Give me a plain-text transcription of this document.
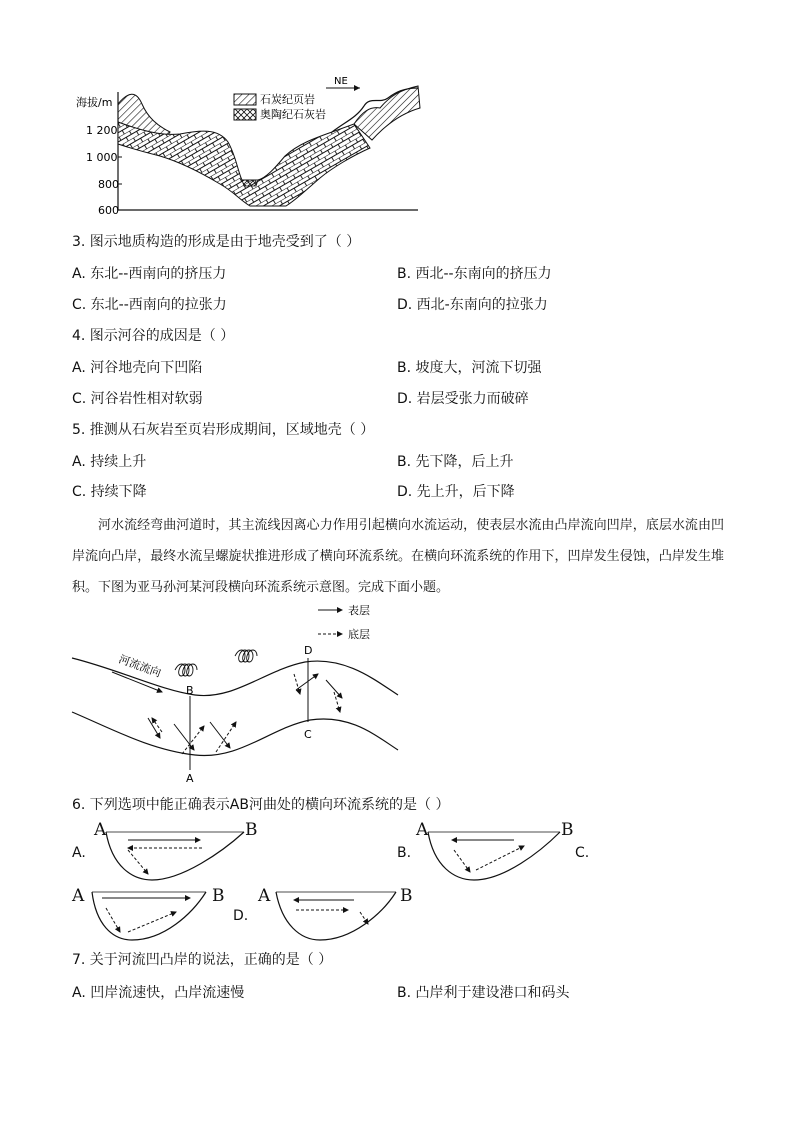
海拔/m
1 200
1 000
800
600
石炭纪页岩
奥陶纪石灰岩
NE
3. 图示地质构造的形成是由于地壳受到了（ ）
A. 东北--西南向的挤压力	B. 西北--东南向的挤压力
C. 东北--西南向的拉张力	D. 西北-东南向的拉张力
4. 图示河谷的成因是（ ）
A. 河谷地壳向下凹陷	B. 坡度大，河流下切强
C. 河谷岩性相对软弱	D. 岩层受张力而破碎
5. 推测从石灰岩至页岩形成期间，区域地壳（ ）
A. 持续上升	B. 先下降，后上升
C. 持续下降	D. 先上升，后下降

河水流经弯曲河道时，其主流线因离心力作用引起横向水流运动，使表层水流由凸岸流向凹岸，底层水流由凹岸流向凸岸，最终水流呈螺旋状推进形成了横向环流系统。在横向环流系统的作用下，凹岸发生侵蚀，凸岸发生堆积。下图为亚马孙河某河段横向环流系统示意图。完成下面小题。

表层
底层
河流流向
B
A
D
C
6. 下列选项中能正确表示AB河曲处的横向环流系统的是（ ）
A.
A	B
B.
A	B
C.
A	B
D.
A	B
7. 关于河流凹凸岸的说法，正确的是（ ）
A. 凹岸流速快，凸岸流速慢	B. 凸岸利于建设港口和码头
